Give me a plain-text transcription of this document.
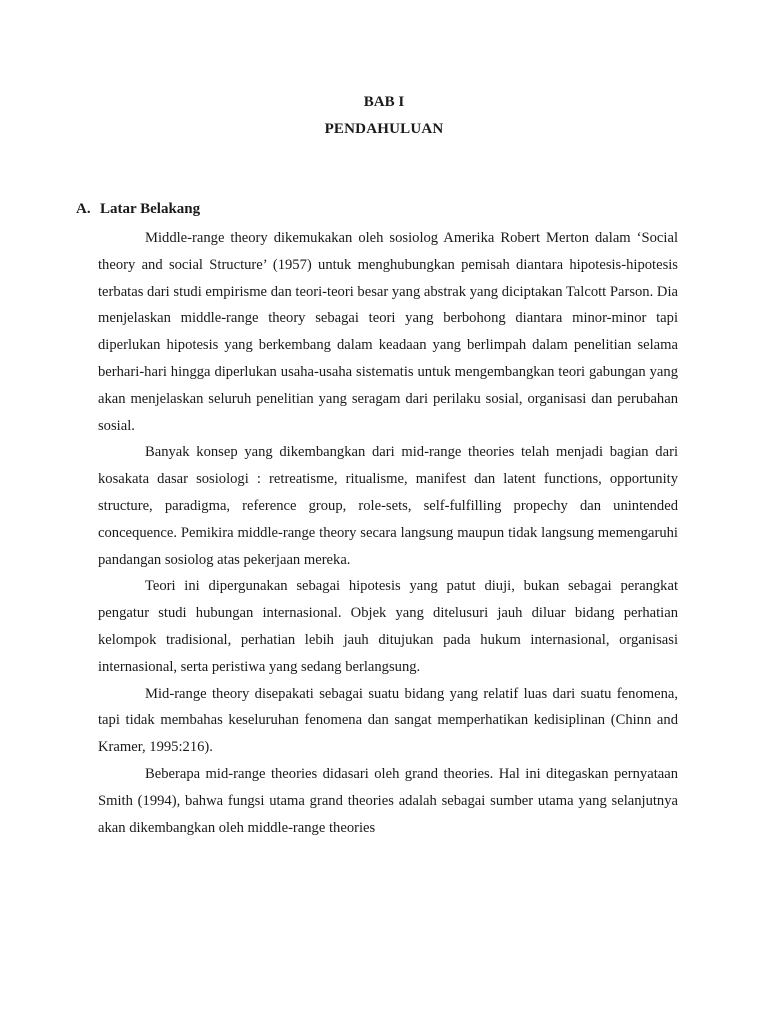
BAB I
PENDAHULUAN
A. Latar Belakang

Middle-range theory dikemukakan oleh sosiolog Amerika Robert Merton dalam ‘Social theory and social Structure’ (1957) untuk menghubungkan pemisah diantara hipotesis-hipotesis terbatas dari studi empirisme dan teori-teori besar yang abstrak yang diciptakan Talcott Parson. Dia menjelaskan middle-range theory sebagai teori yang berbohong diantara minor-minor tapi diperlukan hipotesis yang berkembang dalam keadaan yang berlimpah dalam penelitian selama berhari-hari hingga diperlukan usaha-usaha sistematis untuk mengembangkan teori gabungan yang akan menjelaskan seluruh penelitian yang seragam dari perilaku sosial, organisasi dan perubahan sosial.

Banyak konsep yang dikembangkan dari mid-range theories telah menjadi bagian dari kosakata dasar sosiologi : retreatisme, ritualisme, manifest dan latent functions, opportunity structure, paradigma, reference group, role-sets, self-fulfilling propechy dan unintended concequence. Pemikira middle-range theory secara langsung maupun tidak langsung memengaruhi pandangan sosiolog atas pekerjaan mereka.

Teori ini dipergunakan sebagai hipotesis yang patut diuji, bukan sebagai perangkat pengatur studi hubungan internasional. Objek yang ditelusuri jauh diluar bidang perhatian kelompok tradisional, perhatian lebih jauh ditujukan pada hukum internasional, organisasi internasional, serta peristiwa yang sedang berlangsung.

Mid-range theory disepakati sebagai suatu bidang yang relatif luas dari suatu fenomena, tapi tidak membahas keseluruhan fenomena dan sangat memperhatikan kedisiplinan (Chinn and Kramer, 1995:216).

Beberapa mid-range theories didasari oleh grand theories. Hal ini ditegaskan pernyataan Smith (1994), bahwa fungsi utama grand theories adalah sebagai sumber utama yang selanjutnya akan dikembangkan oleh middle-range theories
